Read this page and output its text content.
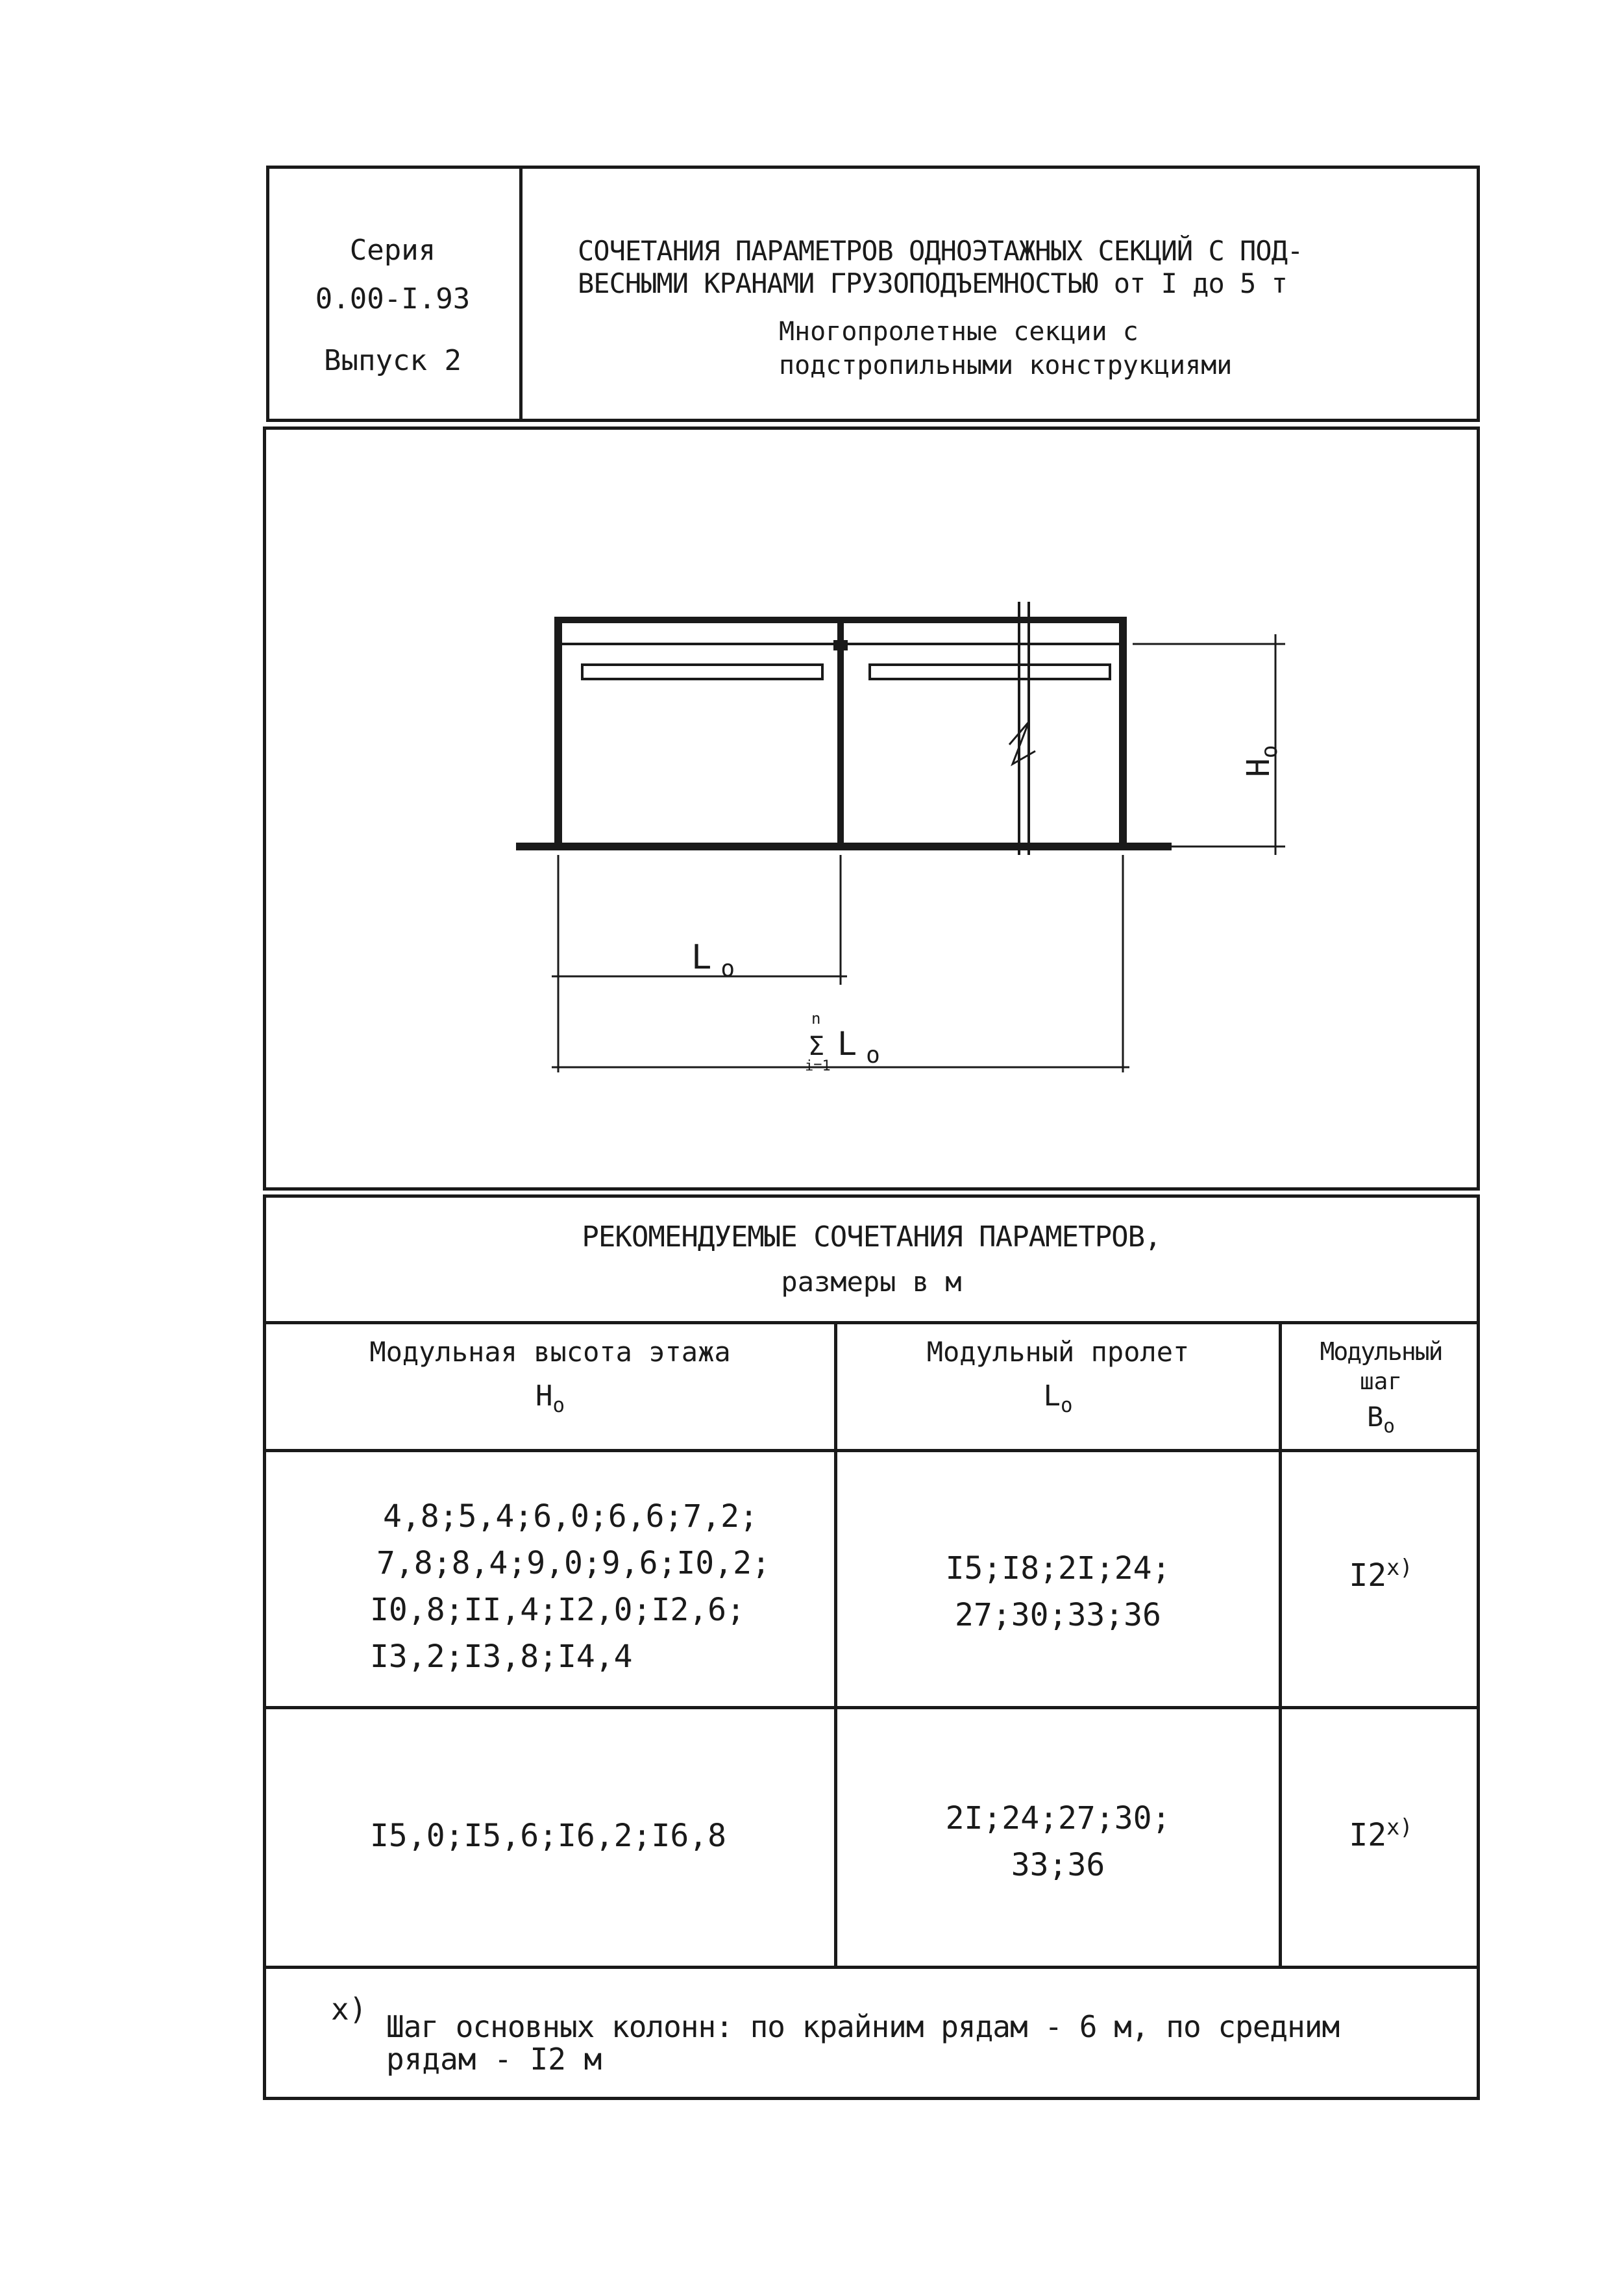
Серия
0.00-I.93
Выпуск 2
СОЧЕТАНИЯ ПАРАМЕТРОВ ОДНОЭТАЖНЫХ СЕКЦИЙ С ПОД-
ВЕСНЫМИ КРАНАМИ ГРУЗОПОДЪЕМНОСТЬЮ от I до 5 т
Многопролетные секции с
подстропильными конструкциями
$H_o$
L $_o$
Σ
n
i=1
L $_o$
РЕКОМЕНДУЕМЫЕ СОЧЕТАНИЯ ПАРАМЕТРОВ,
размеры в м
Модульная высота этажа
$H_o$
Модульный пролет
$L_o$
Модульный
шаг
$B_o$
4,8;5,4;6,0;6,6;7,2;
7,8;8,4;9,0;9,6;I0,2;
I0,8;II,4;I2,0;I2,6;
I3,2;I3,8;I4,4
I5;I8;2I;24;
27;30;33;36
I2$^{x)}$
I5,0;I5,6;I6,2;I6,8	2I;24;27;30;
33;36
I2$^{x)}$
x) Шаг основных колонн: по крайним рядам - 6 м, по средним
рядам - I2 м
